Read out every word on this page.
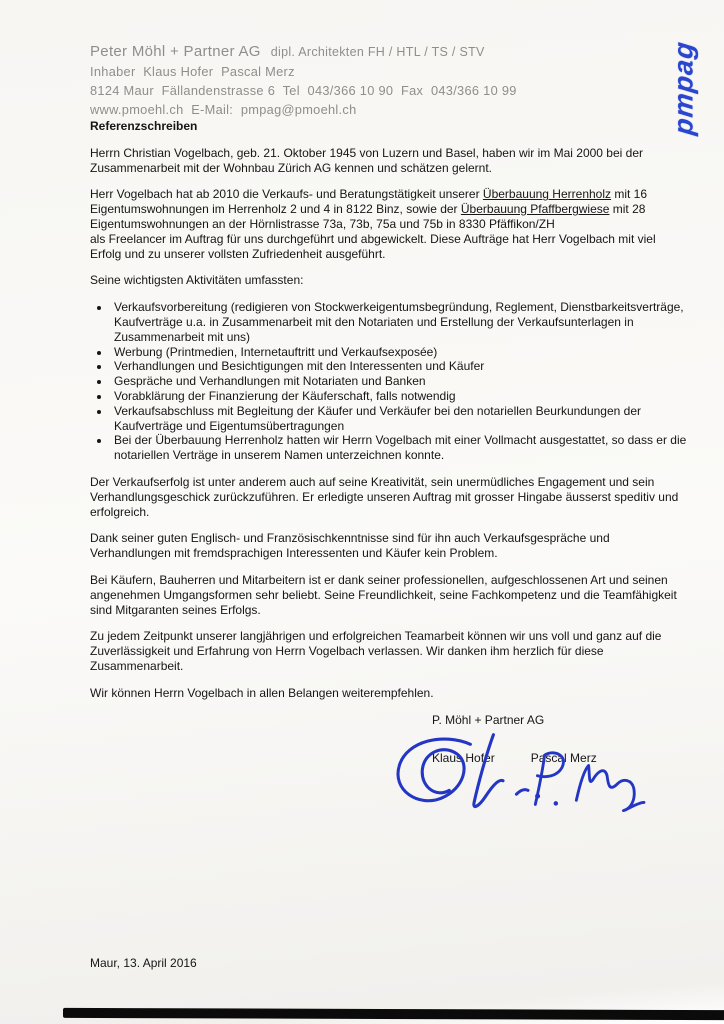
Peter Möhl + Partner AG dipl. Architekten FH / HTL / TS / STV
Inhaber  Klaus Hofer  Pascal Merz
8124 Maur  Fällandenstrasse 6  Tel  043/366 10 90  Fax  043/366 10 99
www.pmoehl.ch  E-Mail:  pmpag@pmoehl.ch

Referenzschreiben

Herrn Christian Vogelbach, geb. 21. Oktober 1945 von Luzern und Basel, haben wir im Mai 2000 bei der Zusammenarbeit mit der Wohnbau Zürich AG kennen und schätzen gelernt.

Herr Vogelbach hat ab 2010 die Verkaufs- und Beratungstätigkeit unserer Überbauung Herrenholz mit 16 Eigentumswohnungen im Herrenholz 2 und 4 in 8122 Binz, sowie der Überbauung Pfaffbergwiese mit 28 Eigentumswohnungen an der Hörnlistrasse 73a, 73b, 75a und 75b in 8330 Pfäffikon/ZH
als Freelancer im Auftrag für uns durchgeführt und abgewickelt. Diese Aufträge hat Herr Vogelbach mit viel Erfolg und zu unserer vollsten Zufriedenheit ausgeführt.

Seine wichtigsten Aktivitäten umfassten:

• Verkaufsvorbereitung (redigieren von Stockwerkeigentumsbegründung, Reglement, Dienstbarkeitsverträge, Kaufverträge u.a. in Zusammenarbeit mit den Notariaten und Erstellung der Verkaufsunterlagen in Zusammenarbeit mit uns)
• Werbung (Printmedien, Internetauftritt und Verkaufsexposée)
• Verhandlungen und Besichtigungen mit den Interessenten und Käufer
• Gespräche und Verhandlungen mit Notariaten und Banken
• Vorabklärung der Finanzierung der Käuferschaft, falls notwendig
• Verkaufsabschluss mit Begleitung der Käufer und Verkäufer bei den notariellen Beurkundungen der Kaufverträge und Eigentumsübertragungen
• Bei der Überbauung Herrenholz hatten wir Herrn Vogelbach mit einer Vollmacht ausgestattet, so dass er die notariellen Verträge in unserem Namen unterzeichnen konnte.

Der Verkaufserfolg ist unter anderem auch auf seine Kreativität, sein unermüdliches Engagement und sein Verhandlungsgeschick zurückzuführen. Er erledigte unseren Auftrag mit grosser Hingabe äusserst speditiv und erfolgreich.

Dank seiner guten Englisch- und Französischkenntnisse sind für ihn auch Verkaufsgespräche und Verhandlungen mit fremdsprachigen Interessenten und Käufer kein Problem.

Bei Käufern, Bauherren und Mitarbeitern ist er dank seiner professionellen, aufgeschlossenen Art und seinen angenehmen Umgangsformen sehr beliebt. Seine Freundlichkeit, seine Fachkompetenz und die Teamfähigkeit sind Mitgaranten seines Erfolgs.

Zu jedem Zeitpunkt unserer langjährigen und erfolgreichen Teamarbeit können wir uns voll und ganz auf die Zuverlässigkeit und Erfahrung von Herrn Vogelbach verlassen. Wir danken ihm herzlich für diese Zusammenarbeit.

Wir können Herrn Vogelbach in allen Belangen weiterempfehlen.

P. Möhl + Partner AG
Klaus Hofer	Pascal Merz
pmpag
Maur, 13. April 2016
